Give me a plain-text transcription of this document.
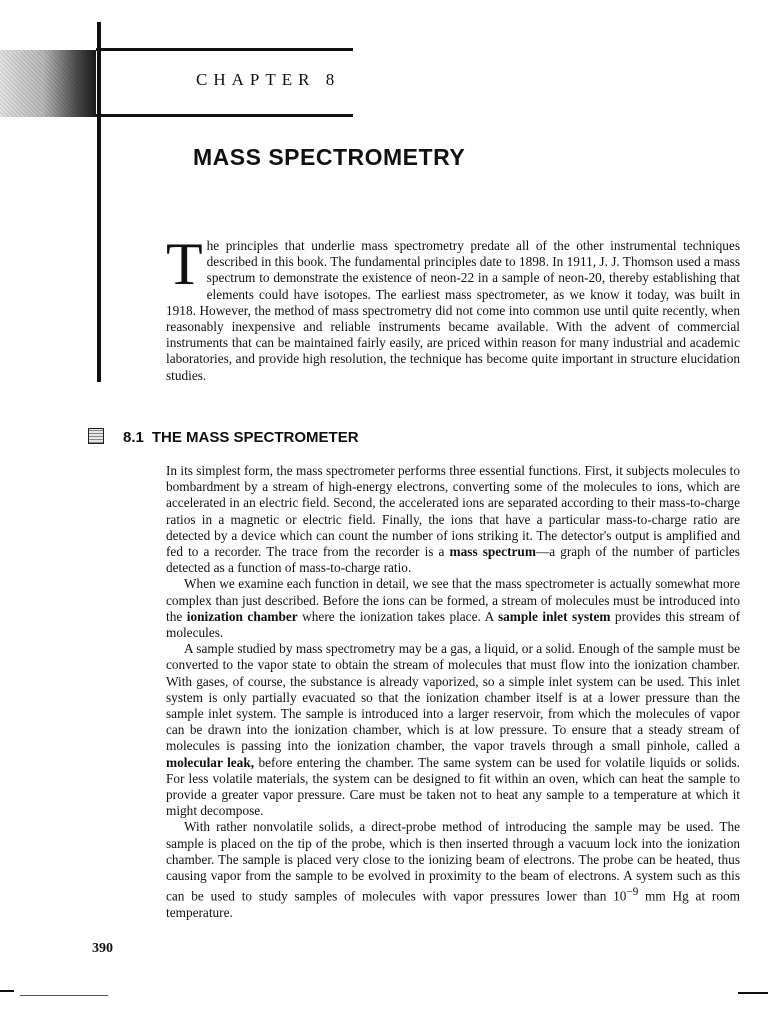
CHAPTER 8

MASS SPECTROMETRY
The principles that underlie mass spectrometry predate all of the other instrumental techniques described in this book. The fundamental principles date to 1898. In 1911, J. J. Thomson used a mass spectrum to demonstrate the existence of neon-22 in a sample of neon-20, thereby establishing that elements could have isotopes. The earliest mass spectrometer, as we know it today, was built in 1918. However, the method of mass spectrometry did not come into common use until quite recently, when reasonably inexpensive and reliable instruments became available. With the advent of commercial instruments that can be maintained fairly easily, are priced within reason for many industrial and academic laboratories, and provide high resolution, the technique has become quite important in structure elucidation studies.
8.1 THE MASS SPECTROMETER

In its simplest form, the mass spectrometer performs three essential functions. First, it subjects molecules to bombardment by a stream of high-energy electrons, converting some of the molecules to ions, which are accelerated in an electric field. Second, the accelerated ions are separated according to their mass-to-charge ratios in a magnetic or electric field. Finally, the ions that have a particular mass-to-charge ratio are detected by a device which can count the number of ions striking it. The detector's output is amplified and fed to a recorder. The trace from the recorder is a mass spectrum—a graph of the number of particles detected as a function of mass-to-charge ratio.

When we examine each function in detail, we see that the mass spectrometer is actually somewhat more complex than just described. Before the ions can be formed, a stream of molecules must be introduced into the ionization chamber where the ionization takes place. A sample inlet system provides this stream of molecules.

A sample studied by mass spectrometry may be a gas, a liquid, or a solid. Enough of the sample must be converted to the vapor state to obtain the stream of molecules that must flow into the ionization chamber. With gases, of course, the substance is already vaporized, so a simple inlet system can be used. This inlet system is only partially evacuated so that the ionization chamber itself is at a lower pressure than the sample inlet system. The sample is introduced into a larger reservoir, from which the molecules of vapor can be drawn into the ionization chamber, which is at low pressure. To ensure that a steady stream of molecules is passing into the ionization chamber, the vapor travels through a small pinhole, called a molecular leak, before entering the chamber. The same system can be used for volatile liquids or solids. For less volatile materials, the system can be designed to fit within an oven, which can heat the sample to provide a greater vapor pressure. Care must be taken not to heat any sample to a temperature at which it might decompose.

With rather nonvolatile solids, a direct-probe method of introducing the sample may be used. The sample is placed on the tip of the probe, which is then inserted through a vacuum lock into the ionization chamber. The sample is placed very close to the ionizing beam of electrons. The probe can be heated, thus causing vapor from the sample to be evolved in proximity to the beam of electrons. A system such as this can be used to study samples of molecules with vapor pressures lower than $10^{-9}$ mm Hg at room temperature.

390
